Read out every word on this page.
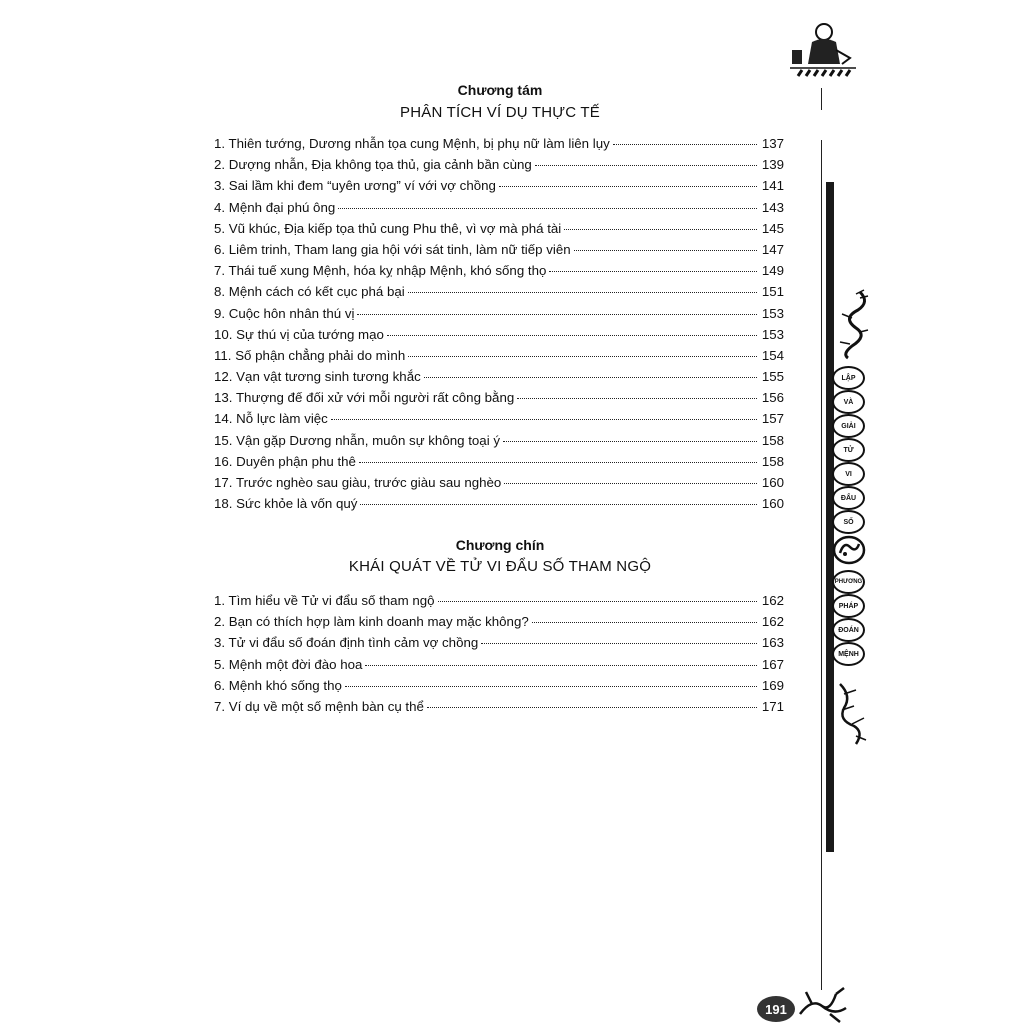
LẬP
VÀ
GIẢI
TỬ
VI
ĐẨU
SỐ
PHƯƠNG
PHÁP
ĐOÁN
MỆNH
Chương tám
PHÂN TÍCH VÍ DỤ THỰC TẾ
1. Thiên tướng, Dương nhẫn tọa cung Mệnh, bị phụ nữ làm liên lụy	137
2. Dượng nhẫn, Địa không tọa thủ, gia cảnh bần cùng	139
3. Sai lầm khi đem “uyên ương” ví với vợ chồng	141
4. Mệnh đại phú ông	143
5. Vũ khúc, Địa kiếp tọa thủ cung Phu thê, vì vợ mà phá tài	145
6. Liêm trinh, Tham lang gia hội với sát tinh, làm nữ tiếp viên	147
7. Thái tuế xung Mệnh, hóa kỵ nhập Mệnh, khó sống thọ	149
8. Mệnh cách có kết cục phá bại	151
9. Cuộc hôn nhân thú vị	153
10. Sự thú vị của tướng mạo	153
11. Số phận chẳng phải do mình	154
12. Vạn vật tương sinh tương khắc	155
13. Thượng đế đối xử với mỗi người rất công bằng	156
14. Nỗ lực làm việc	157
15. Vận gặp Dương nhẫn, muôn sự không toại ý	158
16. Duyên phận phu thê	158
17. Trước nghèo sau giàu, trước giàu sau nghèo	160
18. Sức khỏe là vốn quý	160
Chương chín
KHÁI QUÁT VỀ TỬ VI ĐẨU SỐ THAM NGỘ
1. Tìm hiểu về Tử vi đẩu số tham ngộ	162
2. Bạn có thích hợp làm kinh doanh may mặc không?	162
3. Tử vi đẩu số đoán định tình cảm vợ chồng	163
5. Mệnh một đời đào hoa	167
6. Mệnh khó sống thọ	169
7. Ví dụ về một số mệnh bàn cụ thể	171
191
